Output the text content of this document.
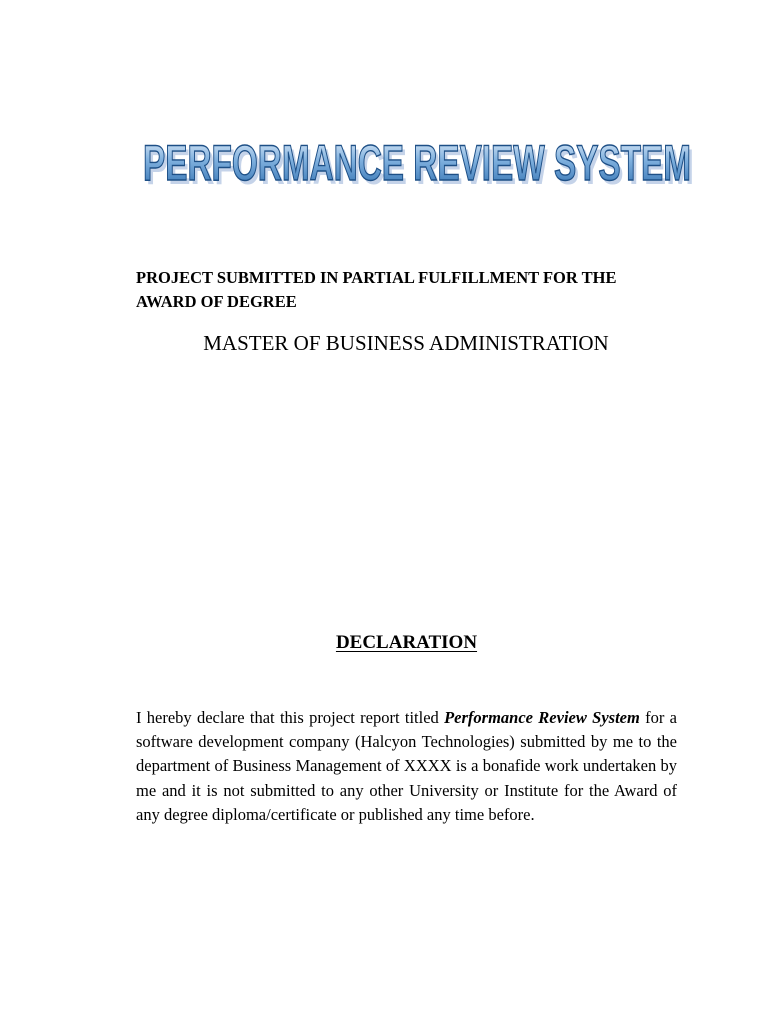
PERFORMANCE REVIEW SYSTEM
PERFORMANCE REVIEW SYSTEM
PROJECT SUBMITTED IN PARTIAL FULFILLMENT FOR THE
AWARD OF DEGREE
MASTER OF BUSINESS ADMINISTRATION
DECLARATION
I hereby declare that this project report titled Performance Review System for a software development company (Halcyon Technologies) submitted by me to the department of Business Management of XXXX is a bonafide work undertaken by me and it is not submitted to any other University or Institute for the Award of any degree diploma/certificate or published any time before.
